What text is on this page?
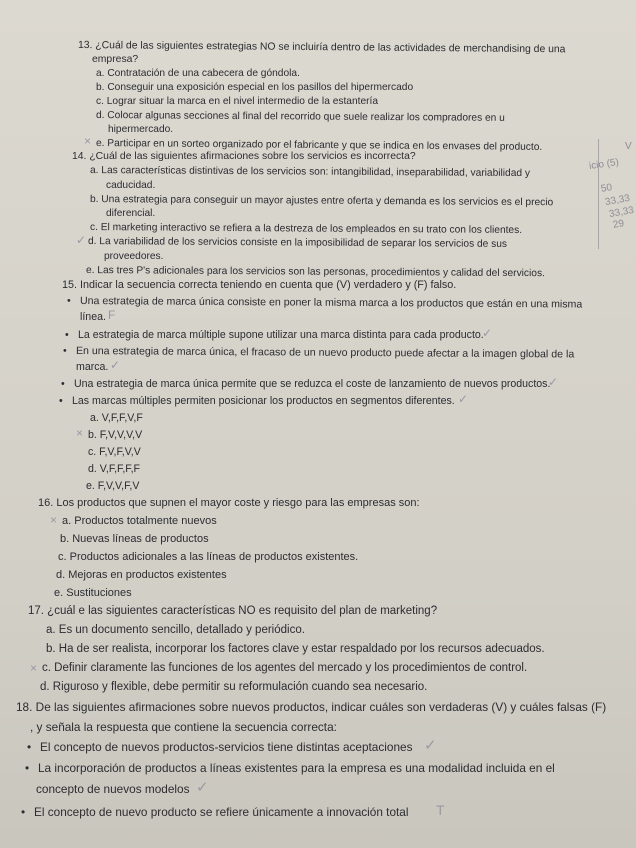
13. ¿Cuál de las siguientes estrategias NO se incluiría dentro de las actividades de merchandising de una
empresa?
a. Contratación de una cabecera de góndola.
b. Conseguir una exposición especial en los pasillos del hipermercado
c. Lograr situar la marca en el nivel intermedio de la estantería
d. Colocar algunas secciones al final del recorrido que suele realizar los compradores en u
hipermercado.
× e. Participar en un sorteo organizado por el fabricante y que se indica en los envases del producto.
14. ¿Cuál de las siguientes afirmaciones sobre los servicios es incorrecta?
a. Las características distintivas de los servicios son: intangibilidad, inseparabilidad, variabilidad y
caducidad.
b. Una estrategia para conseguir un mayor ajustes entre oferta y demanda es los servicios es el precio
diferencial.
c. El marketing interactivo se refiera a la destreza de los empleados en su trato con los clientes.
✓ d. La variabilidad de los servicios consiste en la imposibilidad de separar los servicios de sus
proveedores.
e. Las tres P's adicionales para los servicios son las personas, procedimientos y calidad del servicios.
15. Indicar la secuencia correcta teniendo en cuenta que (V) verdadero y (F) falso.
• Una estrategia de marca única consiste en poner la misma marca a los productos que están en una misma
línea. F
• La estrategia de marca múltiple supone utilizar una marca distinta para cada producto.
✓
• En una estrategia de marca única, el fracaso de un nuevo producto puede afectar a la imagen global de la
marca. ✓
• Una estrategia de marca única permite que se reduzca el coste de lanzamiento de nuevos productos.
✓
• Las marcas múltiples permiten posicionar los productos en segmentos diferentes. ✓
a. V,F,F,V,F
× b. F,V,V,V,V
c. F,V,F,V,V
d. V,F,F,F,F
e. F,V,V,F,V
16. Los productos que supnen el mayor coste y riesgo para las empresas son:
× a. Productos totalmente nuevos
b. Nuevas líneas de productos
c. Productos adicionales a las líneas de productos existentes.
d. Mejoras en productos existentes
e. Sustituciones
17. ¿cuál e las siguientes características NO es requisito del plan de marketing?
a. Es un documento sencillo, detallado y periódico.
b. Ha de ser realista, incorporar los factores clave y estar respaldado por los recursos adecuados.
× c. Definir claramente las funciones de los agentes del mercado y los procedimientos de control.
d. Riguroso y flexible, debe permitir su reformulación cuando sea necesario.
18. De las siguientes afirmaciones sobre nuevos productos, indicar cuáles son verdaderas (V) y cuáles falsas (F)
, y señala la respuesta que contiene la secuencia correcta:
• El concepto de nuevos productos-servicios tiene distintas aceptaciones ✓
• La incorporación de productos a líneas existentes para la empresa es una modalidad incluida en el
concepto de nuevos modelos ✓
• El concepto de nuevo producto se refiere únicamente a innovación total T
icio (5)
V
50
33,33
33,33
29
